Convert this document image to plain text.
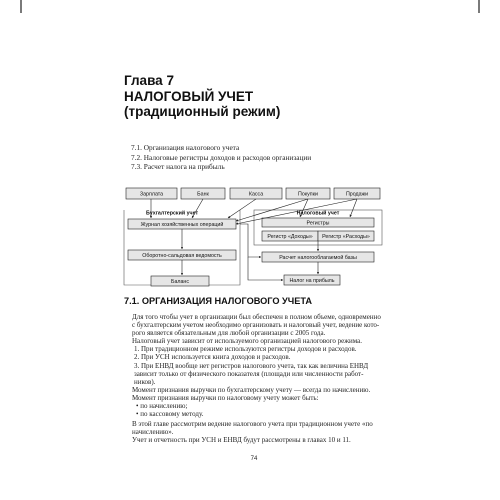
Глава 7
НАЛОГОВЫЙ УЧЕТ
(традиционный режим)
7.1. Организация налогового учета
7.2. Налоговые регистры доходов и расходов организации
7.3. Расчет налога на прибыль
Зарплата	Банк	Касса	Покупки	Продажи
Бухгалтерский учет	Налоговый учет
Журнал хозяйственных операций
Оборотно-сальдовая ведомость
Баланс
Регистры
Регистр «Доходы» Регистр «Расходы»
Расчет налогооблагаемой базы
Налог на прибыль
7.1. ОРГАНИЗАЦИЯ НАЛОГОВОГО УЧЕТА

Для того чтобы учет в организации был обеспечен в полном объеме, одновременно
с бухгалтерским учетом необходимо организовать и налоговый учет, ведение кото-
рого является обязательным для любой организации с 2005 года.

Налоговый учет зависит от используемого организацией налогового режима.

1. При традиционном режиме используются регистры доходов и расходов.

2. При УСН используется книга доходов и расходов.

3. При ЕНВД вообще нет регистров налогового учета, так как величина ЕНВД
зависит только от физического показателя (площади или численности работ-
ников).

Момент признания выручки по бухгалтерскому учету — всегда по начислению.

Момент признания выручки по налоговому учету может быть:

• по начислению;

• по кассовому методу.

В этой главе рассмотрим ведение налогового учета при традиционном учете «по
начислению».

Учет и отчетность при УСН и ЕНВД будут рассмотрены в главах 10 и 11.

74
